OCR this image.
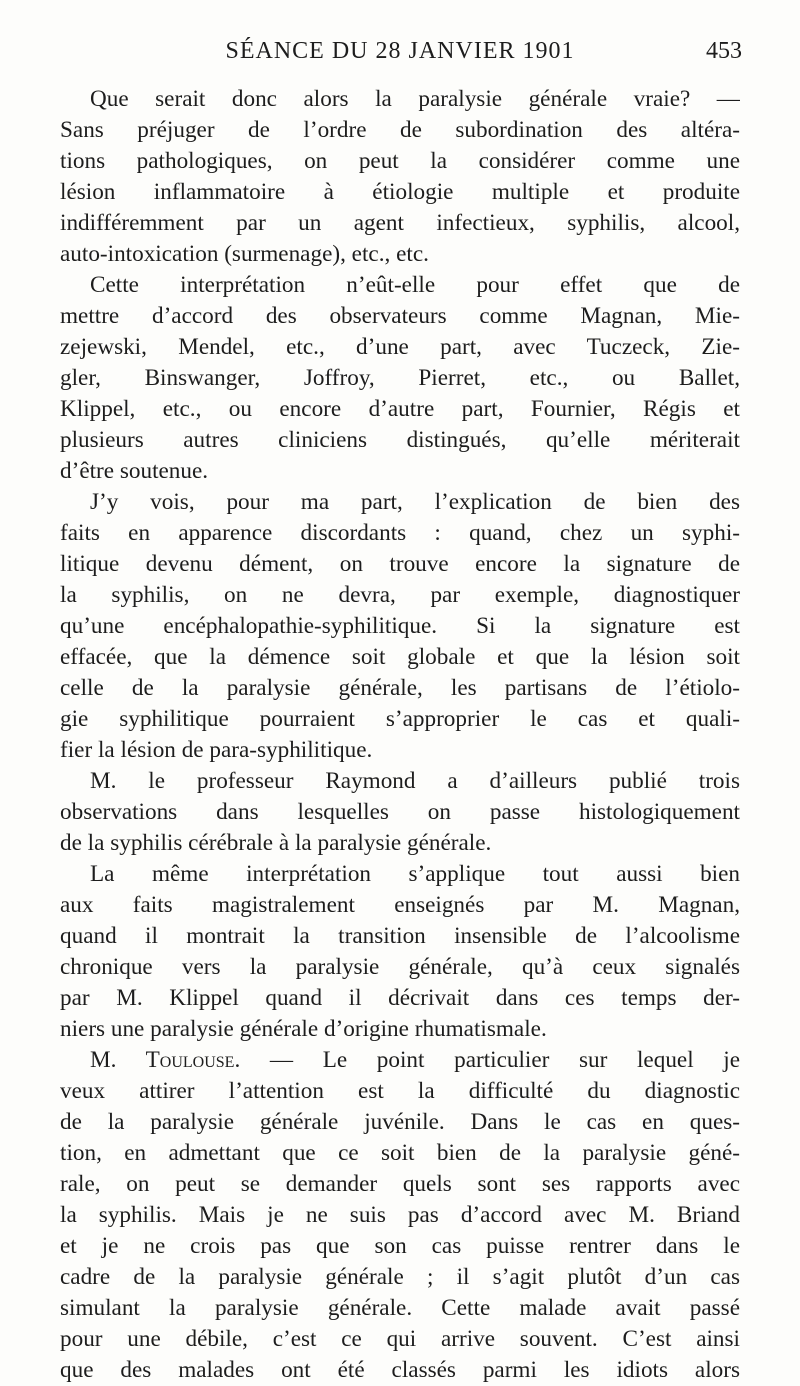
SÉANCE DU 28 JANVIER 1901	453
Que serait donc alors la paralysie générale vraie? —
Sans préjuger de l’ordre de subordination des altéra-
tions pathologiques, on peut la considérer comme une
lésion inflammatoire à étiologie multiple et produite
indifféremment par un agent infectieux, syphilis, alcool,
auto-intoxication (surmenage), etc., etc.
Cette interprétation n’eût-elle pour effet que de
mettre d’accord des observateurs comme Magnan, Mie-
zejewski, Mendel, etc., d’une part, avec Tuczeck, Zie-
gler, Binswanger, Joffroy, Pierret, etc., ou Ballet,
Klippel, etc., ou encore d’autre part, Fournier, Régis et
plusieurs autres cliniciens distingués, qu’elle mériterait
d’être soutenue.
J’y vois, pour ma part, l’explication de bien des
faits en apparence discordants : quand, chez un syphi-
litique devenu dément, on trouve encore la signature de
la syphilis, on ne devra, par exemple, diagnostiquer
qu’une encéphalopathie-syphilitique. Si la signature est
effacée, que la démence soit globale et que la lésion soit
celle de la paralysie générale, les partisans de l’étiolo-
gie syphilitique pourraient s’approprier le cas et quali-
fier la lésion de para-syphilitique.
M. le professeur Raymond a d’ailleurs publié trois
observations dans lesquelles on passe histologiquement
de la syphilis cérébrale à la paralysie générale.
La même interprétation s’applique tout aussi bien
aux faits magistralement enseignés par M. Magnan,
quand il montrait la transition insensible de l’alcoolisme
chronique vers la paralysie générale, qu’à ceux signalés
par M. Klippel quand il décrivait dans ces temps der-
niers une paralysie générale d’origine rhumatismale.
M. Toulouse. — Le point particulier sur lequel je
veux attirer l’attention est la difficulté du diagnostic
de la paralysie générale juvénile. Dans le cas en ques-
tion, en admettant que ce soit bien de la paralysie géné-
rale, on peut se demander quels sont ses rapports avec
la syphilis. Mais je ne suis pas d’accord avec M. Briand
et je ne crois pas que son cas puisse rentrer dans le
cadre de la paralysie générale ; il s’agit plutôt d’un cas
simulant la paralysie générale. Cette malade avait passé
pour une débile, c’est ce qui arrive souvent. C’est ainsi
que des malades ont été classés parmi les idiots alors
